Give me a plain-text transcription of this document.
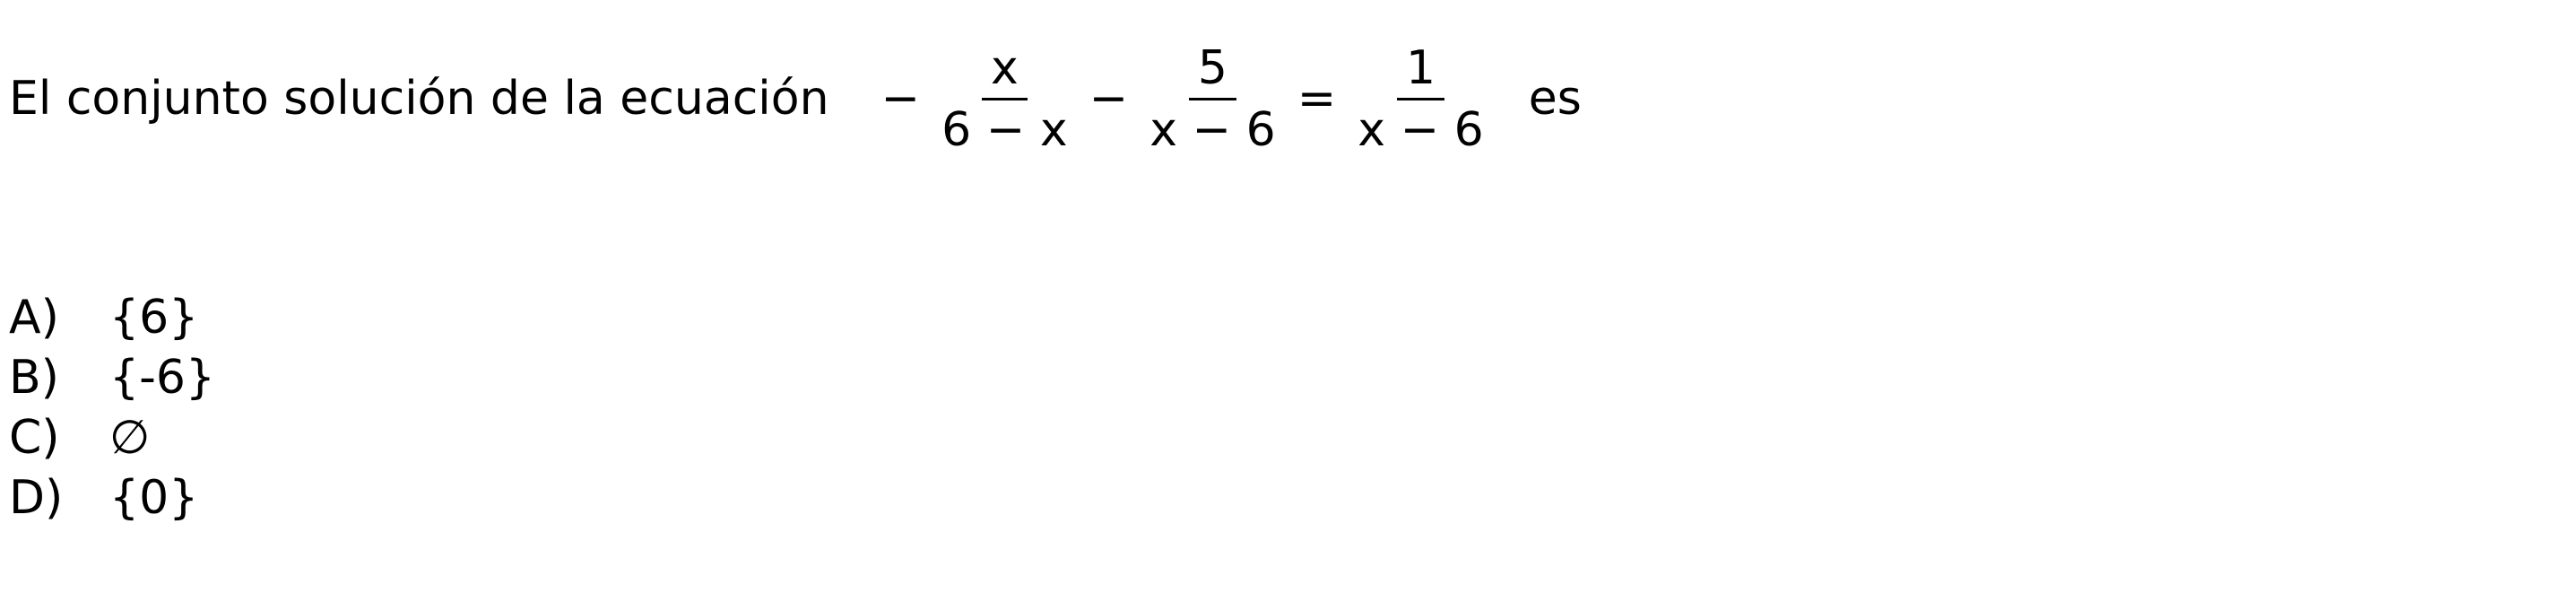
El conjunto solución de la ecuación − $\frac{x}{6 - x} - \frac{5}{x - 6} = \frac{1}{x - 6}$ es
A)	{6}
B)	{-6}
C)	∅
D) {0}
